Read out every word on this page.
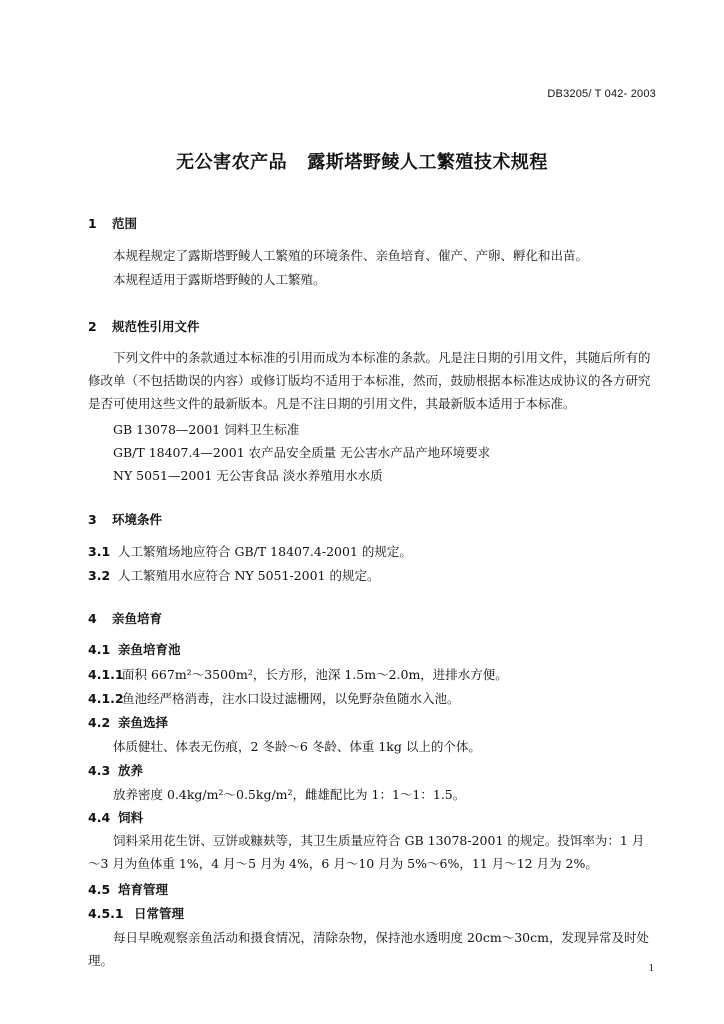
DB3205/ T 042- 2003
无公害农产品   露斯塔野鲮人工繁殖技术规程
1 范围
本规程规定了露斯塔野鲮人工繁殖的环境条件、亲鱼培育、催产、产卵、孵化和出苗。
本规程适用于露斯塔野鲮的人工繁殖。
2 规范性引用文件
下列文件中的条款通过本标准的引用而成为本标准的条款。凡是注日期的引用文件，其随后所有的修改单（不包括勘误的内容）或修订版均不适用于本标准，然而，鼓励根据本标准达成协议的各方研究是否可使用这些文件的最新版本。凡是不注日期的引用文件，其最新版本适用于本标准。
GB 13078—2001 饲料卫生标准
GB/T 18407.4—2001 农产品安全质量 无公害水产品产地环境要求
NY 5051—2001 无公害食品 淡水养殖用水水质
3 环境条件
3.1 人工繁殖场地应符合 GB/T 18407.4-2001 的规定。
3.2 人工繁殖用水应符合 NY 5051-2001 的规定。
4 亲鱼培育
4.1 亲鱼培育池
4.1.1面积 667m²～3500m²，长方形，池深 1.5m～2.0m，进排水方便。
4.1.2鱼池经严格消毒，注水口设过滤栅网，以免野杂鱼随水入池。
4.2 亲鱼选择
体质健壮、体表无伤痕，2 冬龄～6 冬龄、体重 1kg 以上的个体。
4.3 放养
放养密度 0.4kg/m²～0.5kg/m²，雌雄配比为 1：1～1：1.5。
4.4 饲料
饲料采用花生饼、豆饼或糠麸等，其卫生质量应符合 GB 13078-2001 的规定。投饵率为：1 月～3 月为鱼体重 1%，4 月～5 月为 4%，6 月～10 月为 5%～6%，11 月～12 月为 2%。
4.5 培育管理
4.5.1 日常管理
每日早晚观察亲鱼活动和摄食情况，清除杂物，保持池水透明度 20cm～30cm，发现异常及时处理。	1
